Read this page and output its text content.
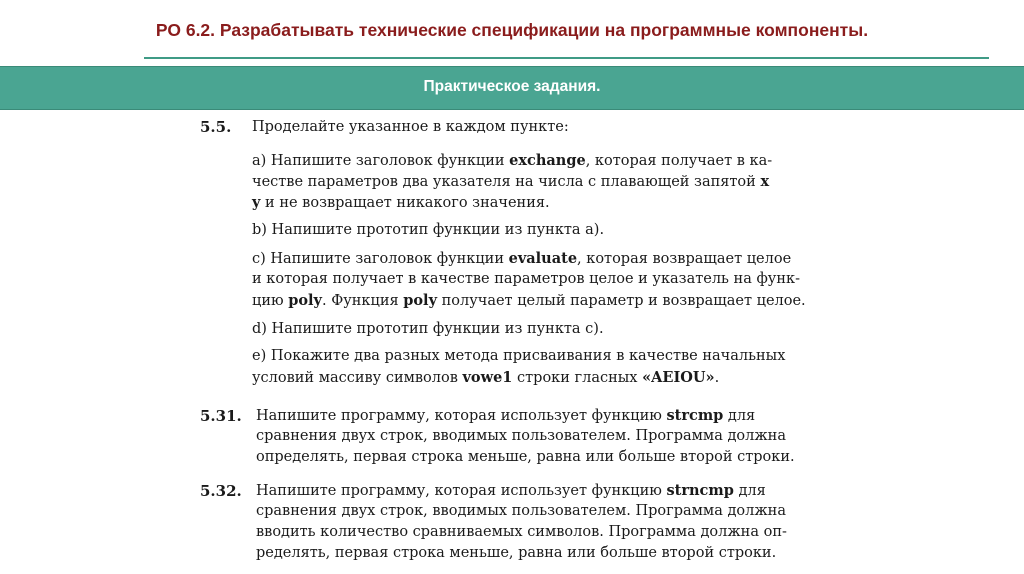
РО 6.2. Разрабатывать технические спецификации на программные компоненты.
Практическое задания.
5.5.	Проделайте указанное в каждом пункте:
а) Напишите заголовок функции exchange, которая получает в ка-
честве параметров два указателя на числа с плавающей запятой x
y и не возвращает никакого значения.
b) Напишите прототип функции из пункта а).
c) Напишите заголовок функции evaluate, которая возвращает целое
и которая получает в качестве параметров целое и указатель на функ-
цию poly. Функция poly получает целый параметр и возвращает целое.
d) Напишите прототип функции из пункта с).
e) Покажите два разных метода присваивания в качестве начальных
условий массиву символов vowe1 строки гласных «AEIOU».
5.31. Напишите программу, которая использует функцию strcmp для
сравнения двух строк, вводимых пользователем. Программа должна
определять, первая строка меньше, равна или больше второй строки.
5.32. Напишите программу, которая использует функцию strncmp для
сравнения двух строк, вводимых пользователем. Программа должна
вводить количество сравниваемых символов. Программа должна оп-
ределять, первая строка меньше, равна или больше второй строки.
